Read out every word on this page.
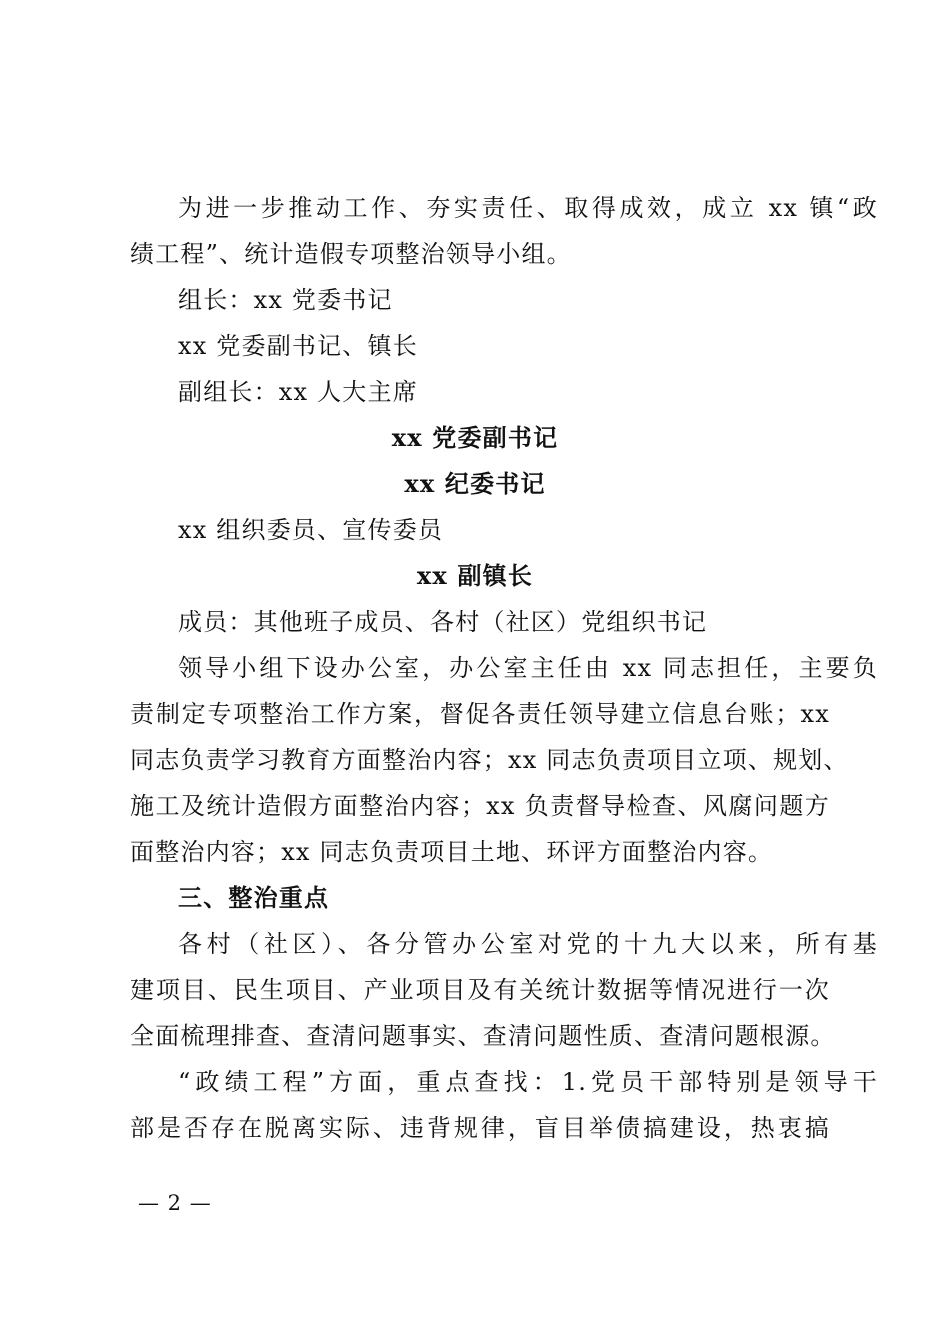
为进一步推动工作、夯实责任、取得成效，成立 xx 镇“政
绩工程”、统计造假专项整治领导小组。
组长：xx 党委书记
xx 党委副书记、镇长
副组长：xx 人大主席
xx 党委副书记
xx 纪委书记
xx 组织委员、宣传委员
xx 副镇长
成员：其他班子成员、各村（社区）党组织书记
领导小组下设办公室，办公室主任由 xx 同志担任，主要负
责制定专项整治工作方案，督促各责任领导建立信息台账；xx
同志负责学习教育方面整治内容；xx 同志负责项目立项、规划、
施工及统计造假方面整治内容；xx 负责督导检查、风腐问题方
面整治内容；xx 同志负责项目土地、环评方面整治内容。
三、整治重点
各村（社区）、各分管办公室对党的十九大以来，所有基
建项目、民生项目、产业项目及有关统计数据等情况进行一次
全面梳理排查、查清问题事实、查清问题性质、查清问题根源。
“政绩工程”方面，重点查找：1.党员干部特别是领导干
部是否存在脱离实际、违背规律，盲目举债搞建设，热衷搞
— 2 —
